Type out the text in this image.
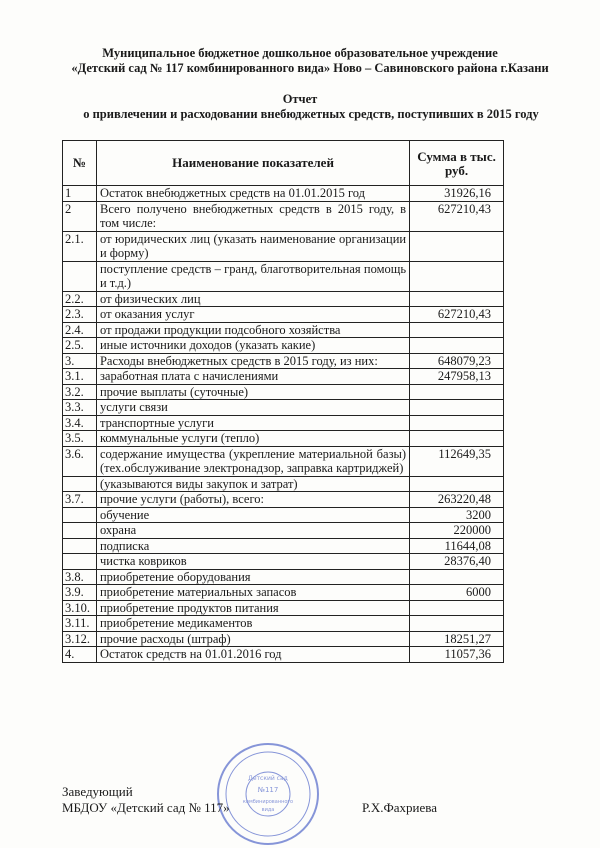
Муниципальное бюджетное дошкольное образовательное учреждение
«Детский сад № 117 комбинированного вида» Ново – Савиновского района г.Казани
Отчет
о привлечении и расходовании внебюджетных средств, поступивших в 2015 году
№	Наименование показателей	Сумма в тыс. руб.
1	Остаток внебюджетных средств на 01.01.2015 год	31926,16
2	Всего получено внебюджетных средств в 2015 году, в том числе:	627210,43
2.1.	от юридических лиц (указать наименование организации и форму)	
	поступление средств – гранд, благотворительная помощь и т.д.)	
2.2.	от физических лиц	
2.3.	от оказания услуг	627210,43
2.4.	от продажи продукции подсобного хозяйства	
2.5.	иные источники доходов (указать какие)	
3.	Расходы внебюджетных средств в 2015 году, из них:	648079,23
3.1.	заработная плата с начислениями	247958,13
3.2.	прочие выплаты (суточные)	
3.3.	услуги связи	
3.4.	транспортные услуги	
3.5.	коммунальные услуги (тепло)	
3.6.	содержание имущества (укрепление материальной базы) (тех.обслуживание электронадзор, заправка картриджей)	112649,35
	(указываются виды закупок и затрат)	
3.7.	прочие услуги (работы), всего:	263220,48
	обучение	3200
	охрана	220000
	подписка	11644,08
	чистка ковриков	28376,40
3.8.	приобретение оборудования	
3.9.	приобретение материальных запасов	6000
3.10.	приобретение продуктов питания	
3.11.	приобретение медикаментов	
3.12.	прочие расходы (штраф)	18251,27
4.	Остаток средств на 01.01.2016 год	11057,36
Детский сад
№117
комбинированного
вида
Заведующий
МБДОУ «Детский сад № 117»	Р.Х.Фахриева
